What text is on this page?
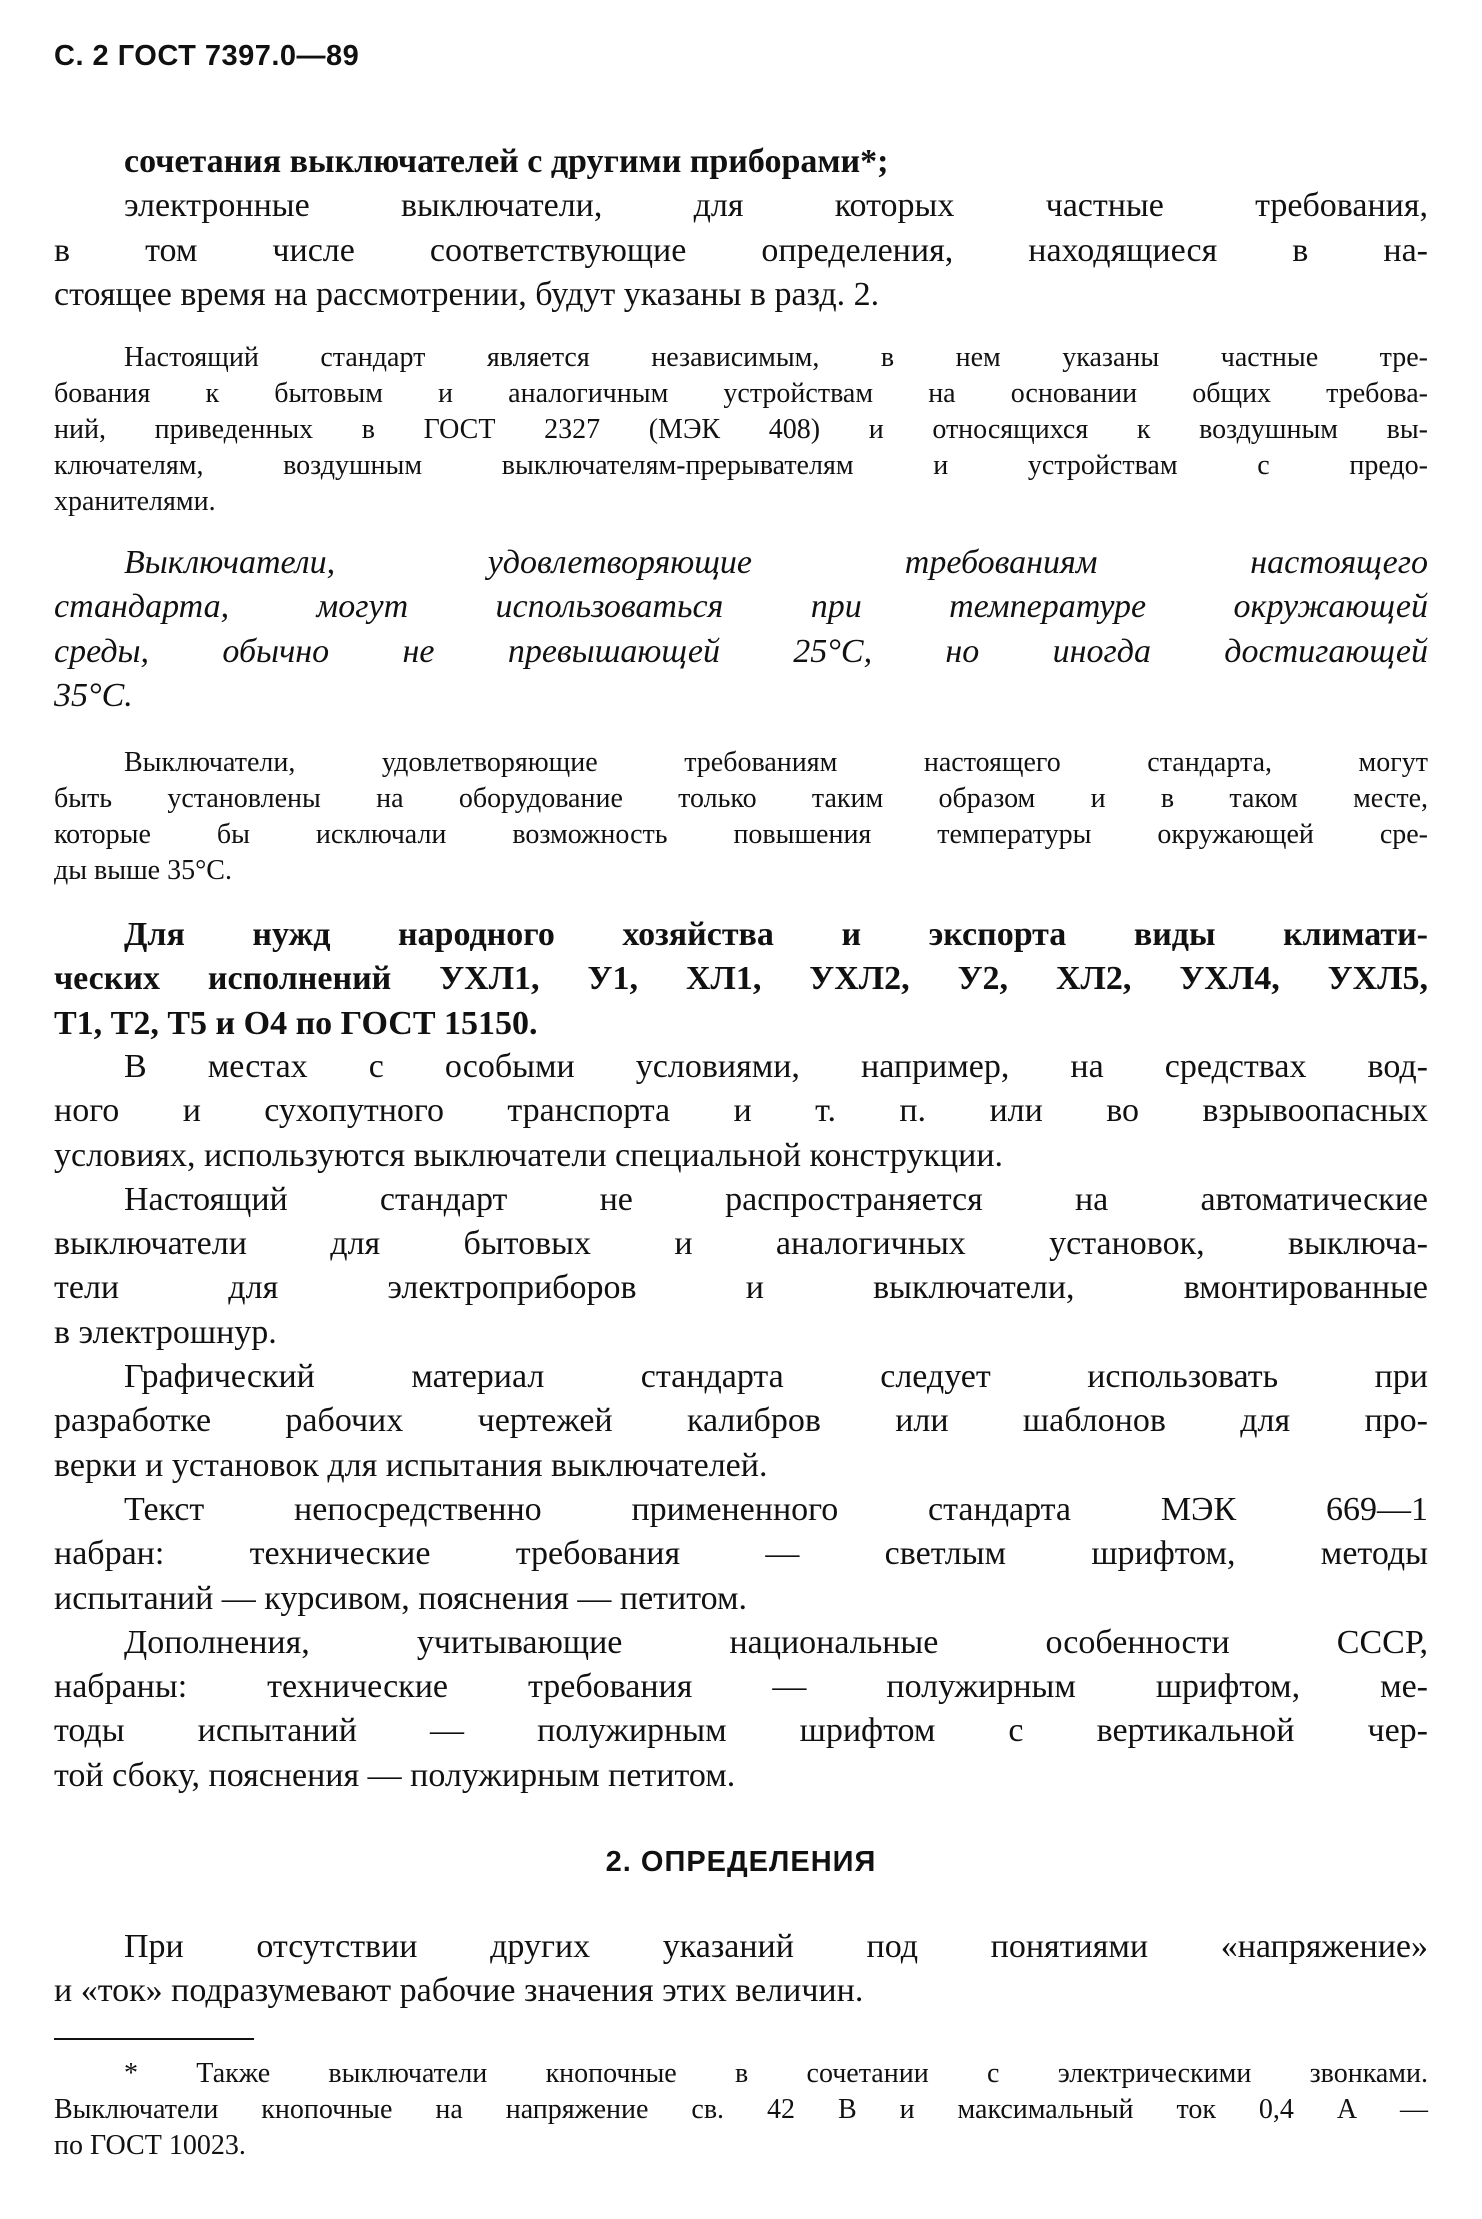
С. 2 ГОСТ 7397.0—89
сочетания выключателей с другими приборами*;
электронные выключатели, для которых частные требования,
в том числе соответствующие определения, находящиеся в на-
стоящее время на рассмотрении, будут указаны в разд. 2.
Настоящий стандарт является независимым, в нем указаны частные тре-
бования к бытовым и аналогичным устройствам на основании общих требова-
ний, приведенных в ГОСТ 2327 (МЭК 408) и относящихся к воздушным вы-
ключателям, воздушным выключателям-прерывателям и устройствам с предо-
хранителями.
Выключатели, удовлетворяющие требованиям настоящего
стандарта, могут использоваться при температуре окружающей
среды, обычно не превышающей 25°С, но иногда достигающей
35°С.
Выключатели, удовлетворяющие требованиям настоящего стандарта, могут
быть установлены на оборудование только таким образом и в таком месте,
которые бы исключали возможность повышения температуры окружающей сре-
ды выше 35°С.
Для нужд народного хозяйства и экспорта виды климати-
ческих исполнений УХЛ1, У1, ХЛ1, УХЛ2, У2, ХЛ2, УХЛ4, УХЛ5,
Т1, Т2, Т5 и О4 по ГОСТ 15150.
В местах с особыми условиями, например, на средствах вод-
ного и сухопутного транспорта и т. п. или во взрывоопасных
условиях, используются выключатели специальной конструкции.
Настоящий стандарт не распространяется на автоматические
выключатели для бытовых и аналогичных установок, выключа-
тели для электроприборов и выключатели, вмонтированные
в электрошнур.
Графический материал стандарта следует использовать при
разработке рабочих чертежей калибров или шаблонов для про-
верки и установок для испытания выключателей.
Текст непосредственно примененного стандарта МЭК 669—1
набран: технические требования — светлым шрифтом, методы
испытаний — курсивом, пояснения — петитом.
Дополнения, учитывающие национальные особенности СССР,
набраны: технические требования — полужирным шрифтом, ме-
тоды испытаний — полужирным шрифтом с вертикальной чер-
той сбоку, пояснения — полужирным петитом.
При отсутствии других указаний под понятиями «напряжение»
и «ток» подразумевают рабочие значения этих величин.
* Также выключатели кнопочные в сочетании с электрическими звонками.
Выключатели кнопочные на напряжение св. 42 В и максимальный ток 0,4 А —
по ГОСТ 10023.
2. ОПРЕДЕЛЕНИЯ
